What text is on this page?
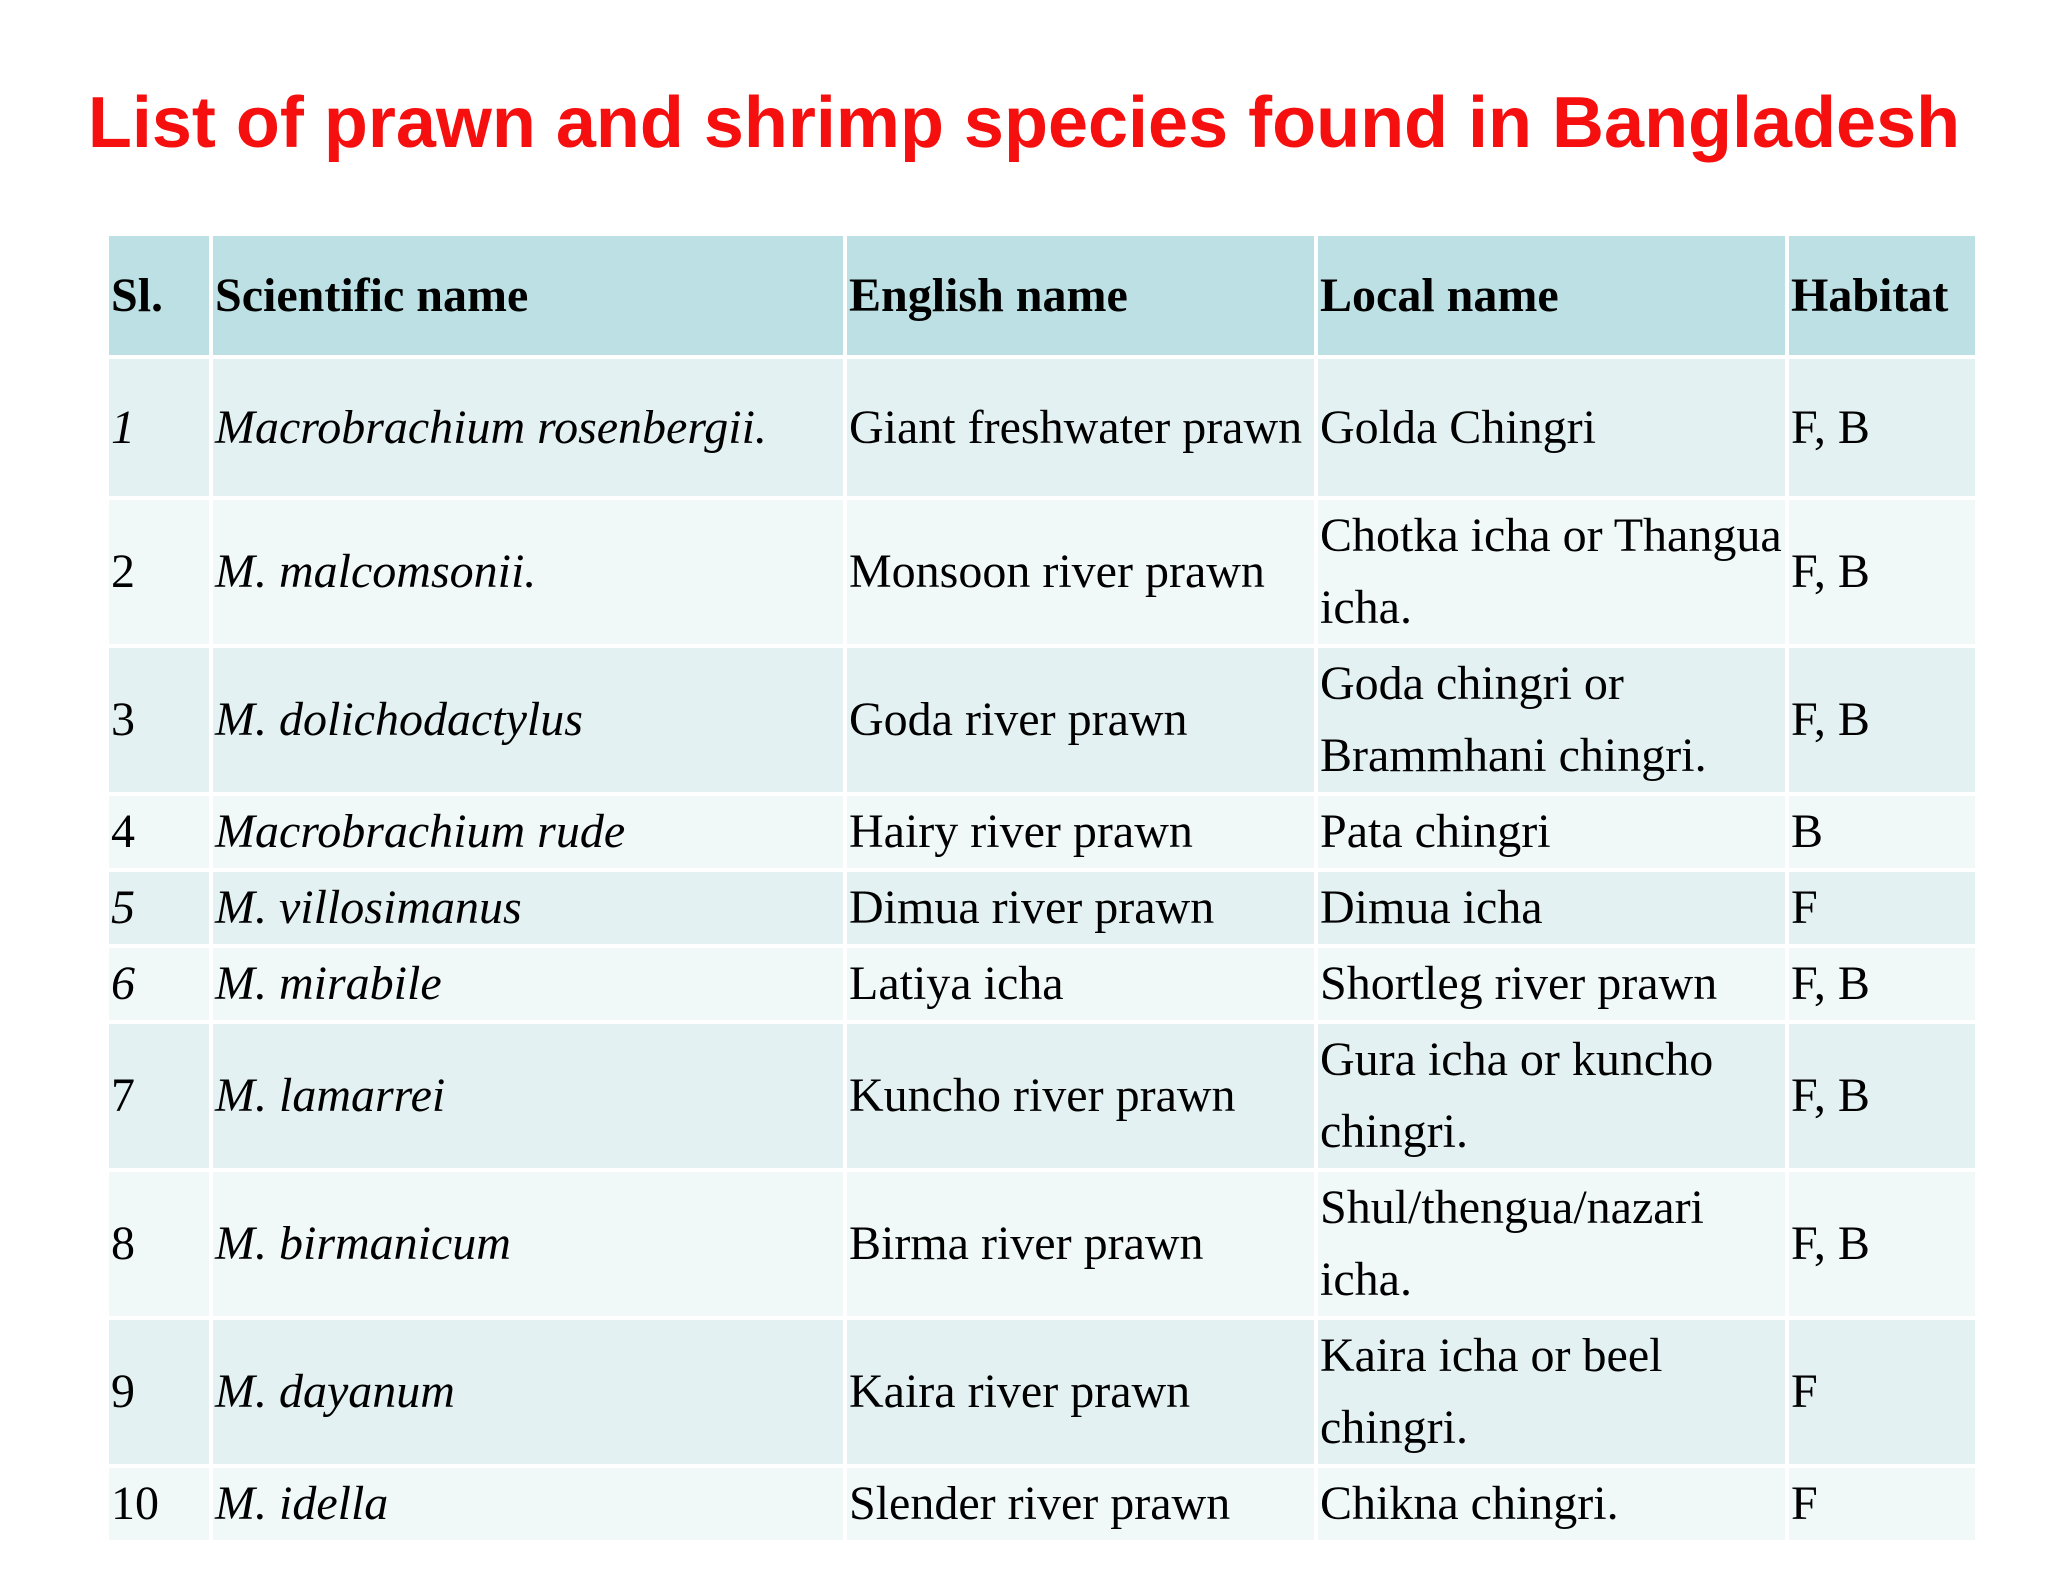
List of prawn and shrimp species found in Bangladesh
Sl.	Scientific name	English name	Local name	Habitat
1	Macrobrachium rosenbergii.	Giant freshwater prawn	Golda Chingri	F, B
2	M. malcomsonii.	Monsoon river prawn	Chotka icha or Thangua icha.	F, B
3	M. dolichodactylus	Goda river prawn	Goda chingri or Brammhani chingri.	F, B
4	Macrobrachium rude	Hairy river prawn	Pata chingri	B
5	M. villosimanus	Dimua river prawn	Dimua icha	F
6	M. mirabile	Latiya icha	Shortleg river prawn	F, B
7	M. lamarrei	Kuncho river prawn	Gura icha or kuncho chingri.	F, B
8	M. birmanicum	Birma river prawn	Shul/thengua/nazari icha.	F, B
9	M. dayanum	Kaira river prawn	Kaira icha or beel chingri.	F
10	M. idella	Slender river prawn	Chikna chingri.	F
